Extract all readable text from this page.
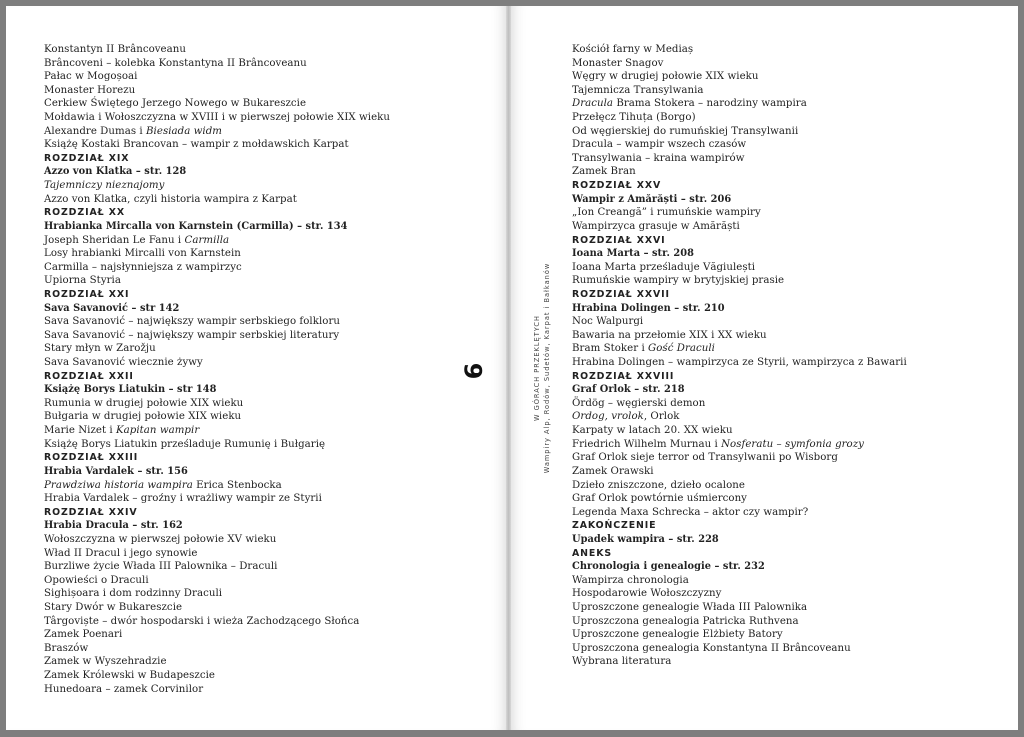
Konstantyn II Brâncoveanu
Brâncoveni – kolebka Konstantyna II Brâncoveanu
Pałac w Mogoșoai
Monaster Horezu
Cerkiew Świętego Jerzego Nowego w Bukareszcie
Mołdawia i Wołoszczyzna w XVIII i w pierwszej połowie XIX wieku
Alexandre Dumas i Biesiada widm
Książę Kostaki Brancovan – wampir z mołdawskich Karpat
ROZDZIAŁ XIX
Azzo von Klatka – str. 128
Tajemniczy nieznajomy
Azzo von Klatka, czyli historia wampira z Karpat
ROZDZIAŁ XX
Hrabianka Mircalla von Karnstein (Carmilla) – str. 134
Joseph Sheridan Le Fanu i Carmilla
Losy hrabianki Mircalli von Karnstein
Carmilla – najsłynniejsza z wampirzyc
Upiorna Styria
ROZDZIAŁ XXI
Sava Savanović – str 142
Sava Savanović – największy wampir serbskiego folkloru
Sava Savanović – największy wampir serbskiej literatury
Stary młyn w Zarožju
Sava Savanović wiecznie żywy
ROZDZIAŁ XXII
Książę Borys Liatukin – str 148
Rumunia w drugiej połowie XIX wieku
Bułgaria w drugiej połowie XIX wieku
Marie Nizet i Kapitan wampir
Książę Borys Liatukin prześladuje Rumunię i Bułgarię
ROZDZIAŁ XXIII
Hrabia Vardalek – str. 156
Prawdziwa historia wampira Erica Stenbocka
Hrabia Vardalek – groźny i wrażliwy wampir ze Styrii
ROZDZIAŁ XXIV
Hrabia Dracula – str. 162
Wołoszczyzna w pierwszej połowie XV wieku
Wład II Dracul i jego synowie
Burzliwe życie Włada III Palownika – Draculi
Opowieści o Draculi
Sighișoara i dom rodzinny Draculi
Stary Dwór w Bukareszcie
Târgoviște – dwór hospodarski i wieża Zachodzącego Słońca
Zamek Poenari
Braszów
Zamek w Wyszehradzie
Zamek Królewski w Budapeszcie
Hunedoara – zamek Corvinilor
Kościół farny w Mediaș
Monaster Snagov
Węgry w drugiej połowie XIX wieku
Tajemnicza Transylwania
Dracula Brama Stokera – narodziny wampira
Przełęcz Tihuța (Borgo)
Od węgierskiej do rumuńskiej Transylwanii
Dracula – wampir wszech czasów
Transylwania – kraina wampirów
Zamek Bran
ROZDZIAŁ XXV
Wampir z Amărăști – str. 206
„Ion Creangă” i rumuńskie wampiry
Wampirzyca grasuje w Amărăști
ROZDZIAŁ XXVI
Ioana Marta – str. 208
Ioana Marta prześladuje Văgiulești
Rumuńskie wampiry w brytyjskiej prasie
ROZDZIAŁ XXVII
Hrabina Dolingen – str. 210
Noc Walpurgi
Bawaria na przełomie XIX i XX wieku
Bram Stoker i Gość Draculi
Hrabina Dolingen – wampirzyca ze Styrii, wampirzyca z Bawarii
ROZDZIAŁ XXVIII
Graf Orlok – str. 218
Ördög – węgierski demon
Ordog, vrolok, Orlok
Karpaty w latach 20. XX wieku
Friedrich Wilhelm Murnau i Nosferatu – symfonia grozy
Graf Orlok sieje terror od Transylwanii po Wisborg
Zamek Orawski
Dzieło zniszczone, dzieło ocalone
Graf Orlok powtórnie uśmiercony
Legenda Maxa Schrecka – aktor czy wampir?
ZAKOŃCZENIE
Upadek wampira – str. 228
ANEKS
Chronologia i genealogie – str. 232
Wampirza chronologia
Hospodarowie Wołoszczyzny
Uproszczone genealogie Włada III Palownika
Uproszczona genealogia Patricka Ruthvena
Uproszczone genealogie Elżbiety Batory
Uproszczona genealogia Konstantyna II Brâncoveanu
Wybrana literatura
W GÓRACH PRZEKLĘTYCH Wampiry Alp, Rodów, Sudetów, Karpat i Bałkanów
6
